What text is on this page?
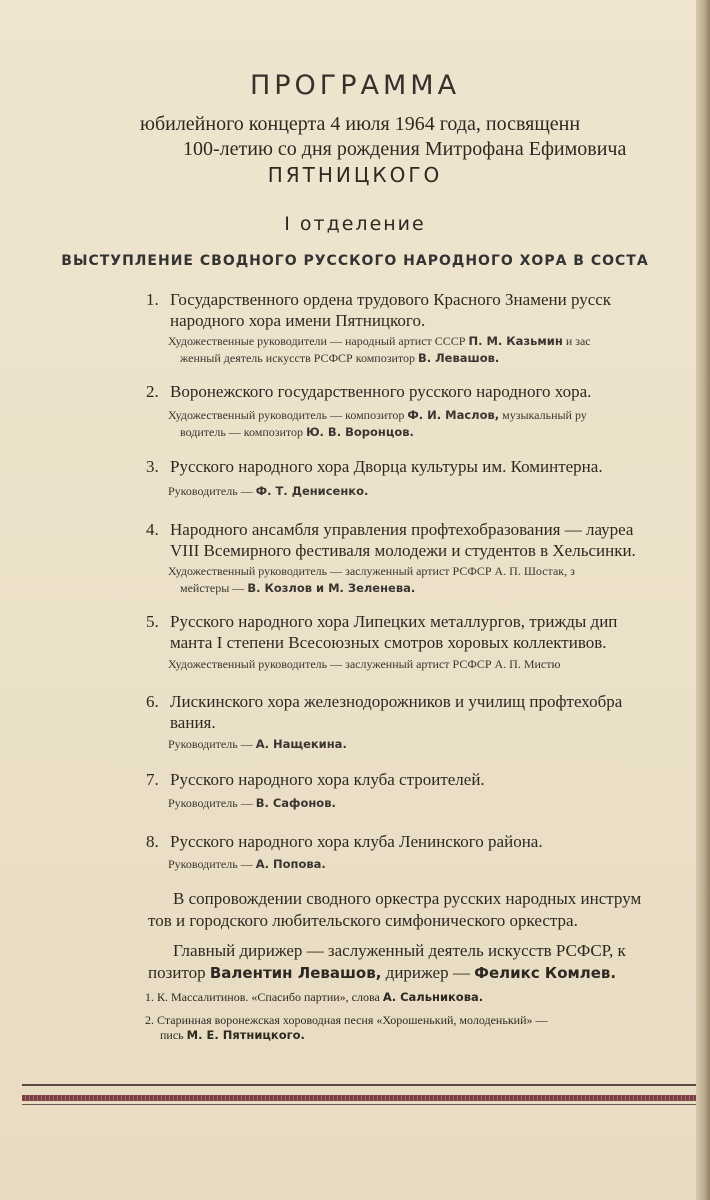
ПРОГРАММА
юбилейного концерта 4 июля 1964 года, посвященн
100-летию со дня рождения Митрофана Ефимовича
ПЯТНИЦКОГО
I отделение
ВЫСТУПЛЕНИЕ СВОДНОГО РУССКОГО НАРОДНОГО ХОРА В СОСТА
1. Государственного ордена трудового Красного Знамени русск
народного хора имени Пятницкого.
Художественные руководители — народный артист СССР П. М. Казьмин и зас
женный деятель искусств РСФСР композитор В. Левашов.
2. Воронежского государственного русского народного хора.
Художественный руководитель — композитор Ф. И. Маслов, музыкальный ру
водитель — композитор Ю. В. Воронцов.
3. Русского народного хора Дворца культуры им. Коминтерна.
Руководитель — Ф. Т. Денисенко.
4. Народного ансамбля управления профтехобразования — лауреа
VIII Всемирного фестиваля молодежи и студентов в Хельсинки.
Художественный руководитель — заслуженный артист РСФСР А. П. Шостак, з
мейстеры — В. Козлов и М. Зеленева.
5. Русского народного хора Липецких металлургов, трижды дип
манта I степени Всесоюзных смотров хоровых коллективов.
Художественный руководитель — заслуженный артист РСФСР А. П. Мистю
6. Лискинского хора железнодорожников и училищ профтехобра
вания.
Руководитель — А. Нащекина.
7. Русского народного хора клуба строителей.
Руководитель — В. Сафонов.
8. Русского народного хора клуба Ленинского района.
Руководитель — А. Попова.
В сопровождении сводного оркестра русских народных инструм
тов и городского любительского симфонического оркестра.
Главный дирижер — заслуженный деятель искусств РСФСР, к
позитор Валентин Левашов, дирижер — Феликс Комлев.
1. К. Массалитинов. «Спасибо партии», слова А. Сальникова.
2. Старинная воронежская хороводная песня «Хорошенький, молоденький» —
пись М. Е. Пятницкого.
